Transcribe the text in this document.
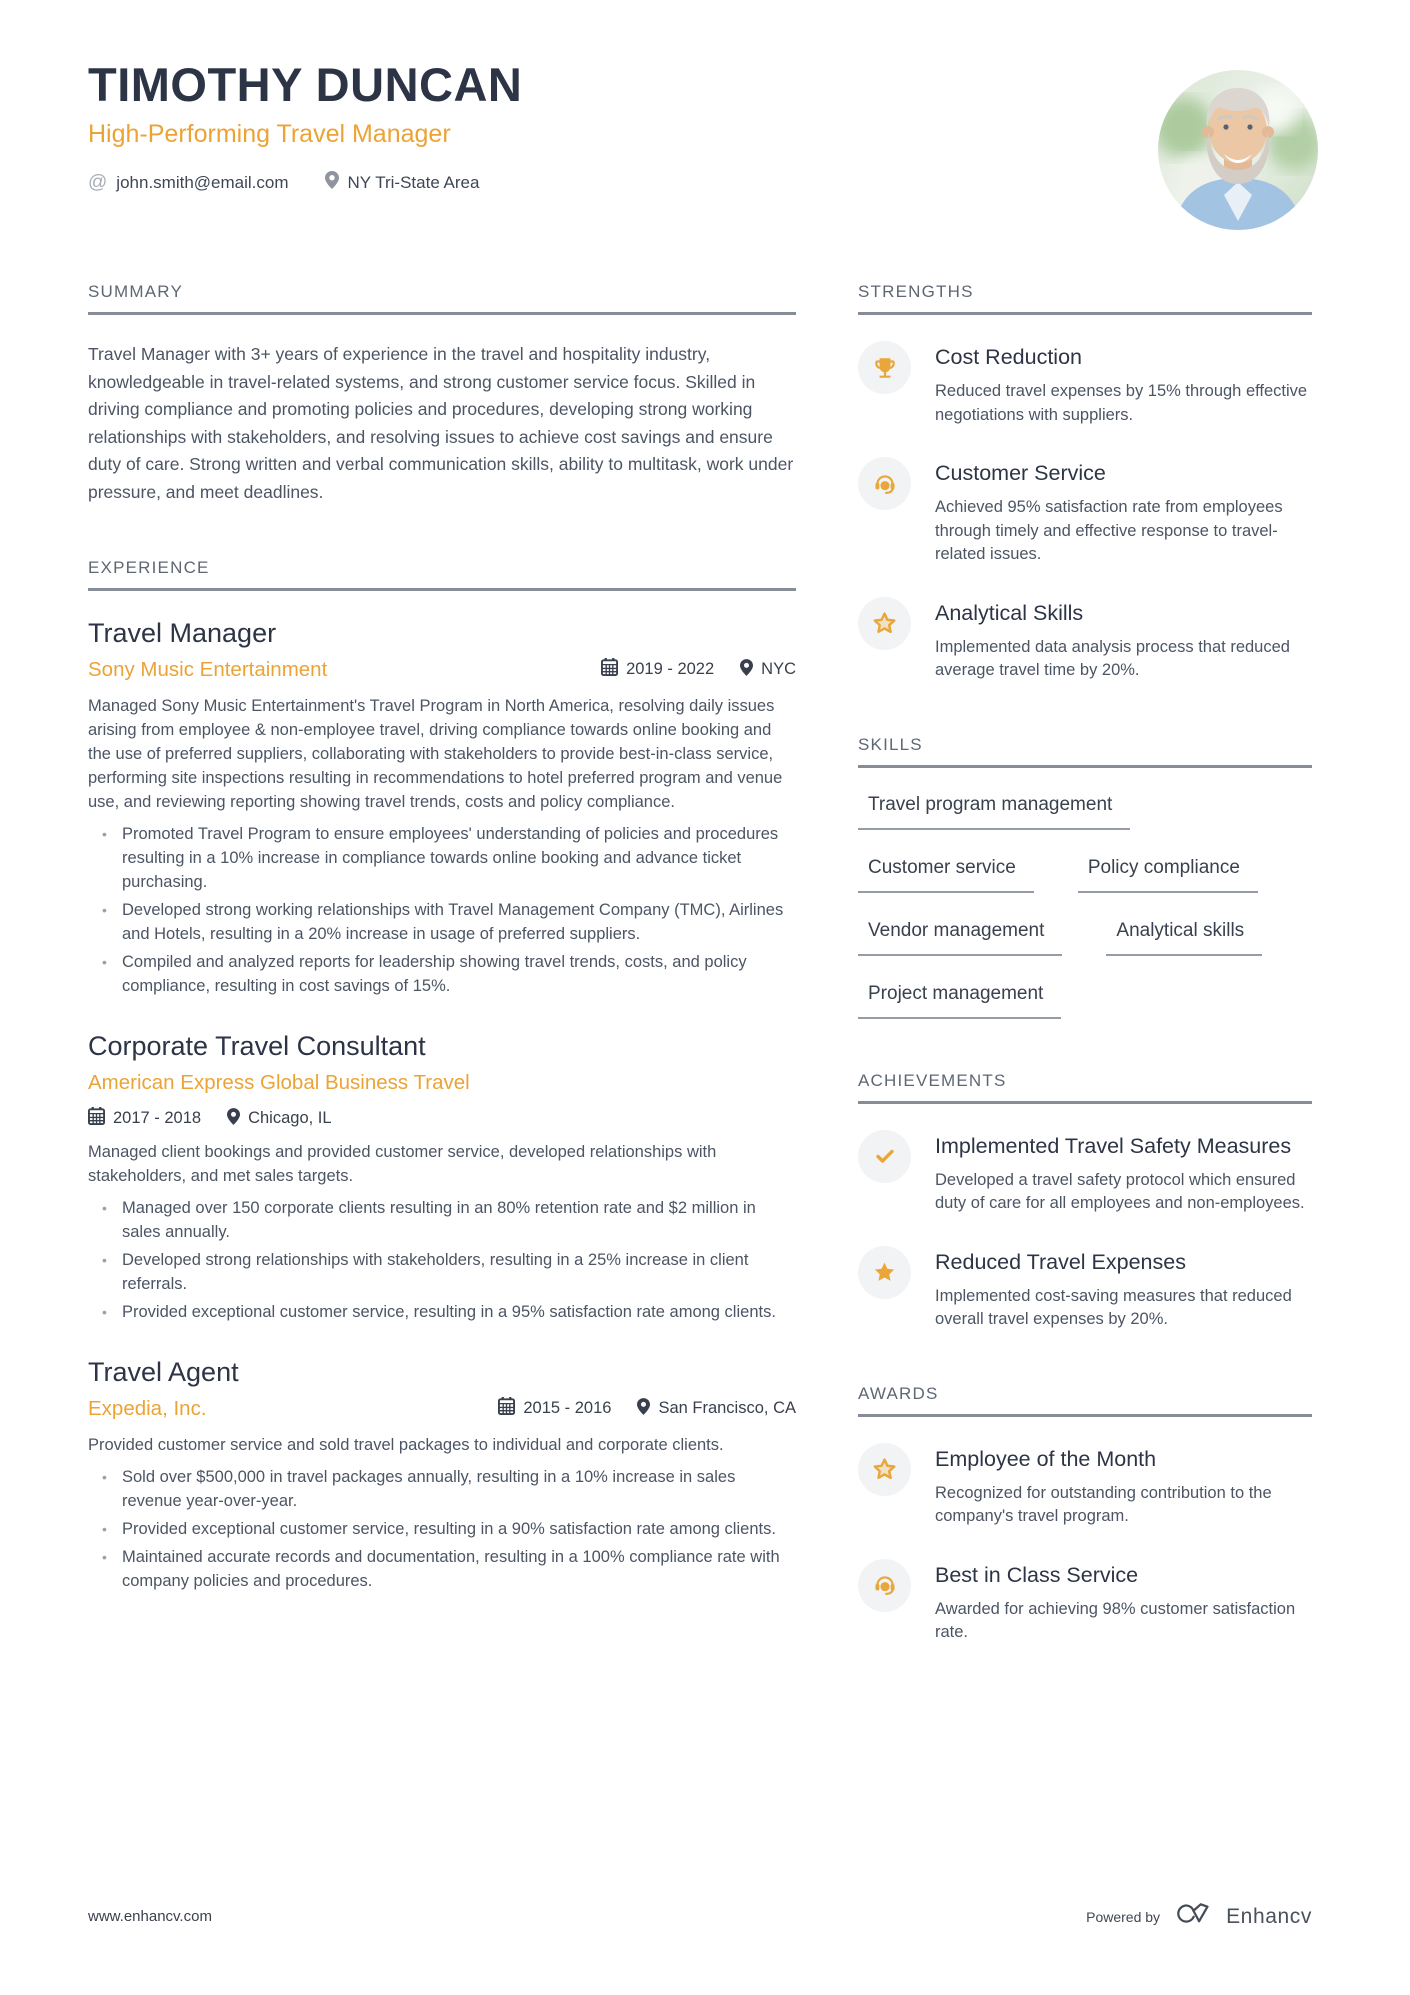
TIMOTHY DUNCAN
High-Performing Travel Manager
@ john.smith@email.com	NY Tri-State Area
SUMMARY

Travel Manager with 3+ years of experience in the travel and hospitality industry, knowledgeable in travel-related systems, and strong customer service focus. Skilled in driving compliance and promoting policies and procedures, developing strong working relationships with stakeholders, and resolving issues to achieve cost savings and ensure duty of care. Strong written and verbal communication skills, ability to multitask, work under pressure, and meet deadlines.

EXPERIENCE
Travel Manager
Sony Music Entertainment	2019 - 2022	NYC

Managed Sony Music Entertainment's Travel Program in North America, resolving daily issues arising from employee & non-employee travel, driving compliance towards online booking and the use of preferred suppliers, collaborating with stakeholders to provide best-in-class service, performing site inspections resulting in recommendations to hotel preferred program and venue use, and reviewing reporting showing travel trends, costs and policy compliance.

• Promoted Travel Program to ensure employees' understanding of policies and procedures resulting in a 10% increase in compliance towards online booking and advance ticket purchasing.
• Developed strong working relationships with Travel Management Company (TMC), Airlines and Hotels, resulting in a 20% increase in usage of preferred suppliers.
• Compiled and analyzed reports for leadership showing travel trends, costs, and policy compliance, resulting in cost savings of 15%.
Corporate Travel Consultant
American Express Global Business Travel
2017 - 2018	Chicago, IL

Managed client bookings and provided customer service, developed relationships with stakeholders, and met sales targets.

• Managed over 150 corporate clients resulting in an 80% retention rate and $2 million in sales annually.
• Developed strong relationships with stakeholders, resulting in a 25% increase in client referrals.
• Provided exceptional customer service, resulting in a 95% satisfaction rate among clients.
Travel Agent
Expedia, Inc.	2015 - 2016	San Francisco, CA

Provided customer service and sold travel packages to individual and corporate clients.

• Sold over $500,000 in travel packages annually, resulting in a 10% increase in sales revenue year-over-year.
• Provided exceptional customer service, resulting in a 90% satisfaction rate among clients.
• Maintained accurate records and documentation, resulting in a 100% compliance rate with company policies and procedures.
STRENGTHS
Cost Reduction

Reduced travel expenses by 15% through effective negotiations with suppliers.

Customer Service

Achieved 95% satisfaction rate from employees through timely and effective response to travel-related issues.

Analytical Skills

Implemented data analysis process that reduced average travel time by 20%.

SKILLS
Travel program management
Customer service	Policy compliance
Vendor management	Analytical skills
Project management
ACHIEVEMENTS
Implemented Travel Safety Measures

Developed a travel safety protocol which ensured duty of care for all employees and non-employees.

Reduced Travel Expenses

Implemented cost-saving measures that reduced overall travel expenses by 20%.

AWARDS
Employee of the Month

Recognized for outstanding contribution to the company's travel program.

Best in Class Service

Awarded for achieving 98% customer satisfaction rate.

www.enhancv.com	Powered by	Enhancv
